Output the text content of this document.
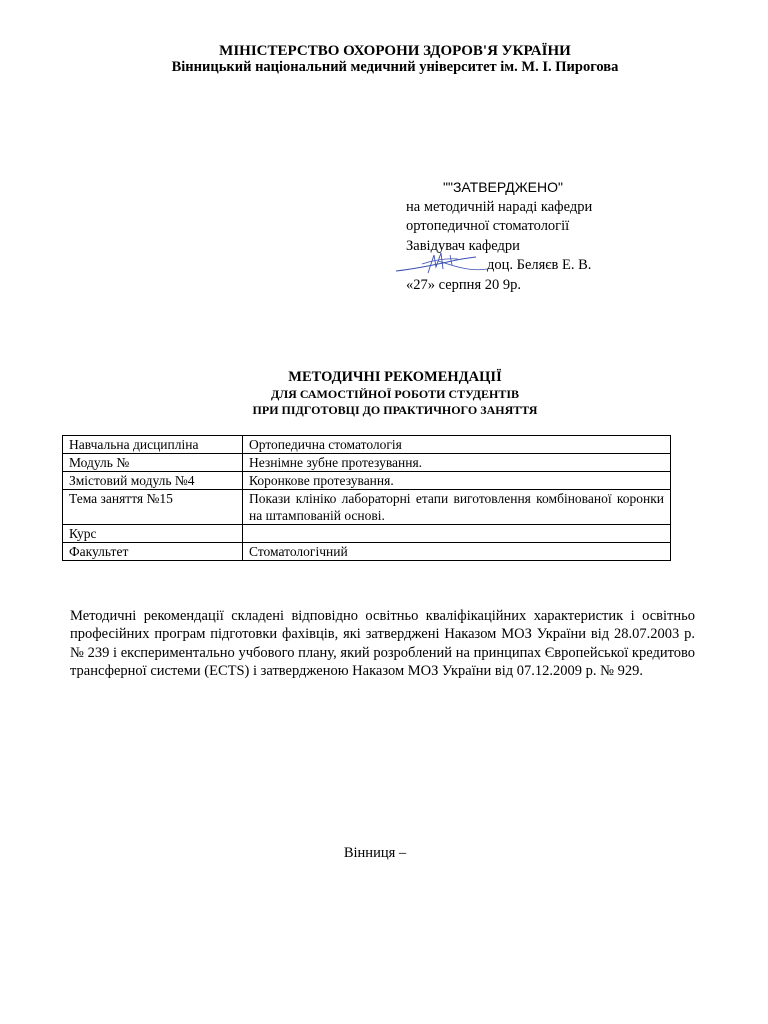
МІНІСТЕРСТВО ОХОРОНИ ЗДОРОВ'Я УКРАЇНИ
Вінницький національний медичний університет ім. М. І. Пирогова
""ЗАТВЕРДЖЕНО"
на методичній нараді кафедри
ортопедичної стоматології
Завідувач кафедри
доц. Беляєв Е. В.
«27» серпня 20 9р.
МЕТОДИЧНІ РЕКОМЕНДАЦІЇ
ДЛЯ САМОСТІЙНОЇ РОБОТИ СТУДЕНТІВ
ПРИ ПІДГОТОВЦІ ДО ПРАКТИЧНОГО ЗАНЯТТЯ
Навчальна дисципліна	Ортопедична стоматологія
Модуль №	Незнімне зубне протезування.
Змістовий модуль №4	Коронкове протезування.
Тема заняття №15	Покази клініко лабораторні етапи виготовлення комбінованої коронки на штампованій основі.
Курс	
Факультет	Стоматологічний
Методичні рекомендації складені відповідно освітньо кваліфікаційних характеристик і освітньо професійних програм підготовки фахівців, які затверджені Наказом МОЗ України від 28.07.2003 р. № 239 і експериментально учбового плану, який розроблений на принципах Європейської кредитово трансферної системи (ECTS) і затвердженою Наказом МОЗ України від 07.12.2009 р. № 929.
Вінниця –
